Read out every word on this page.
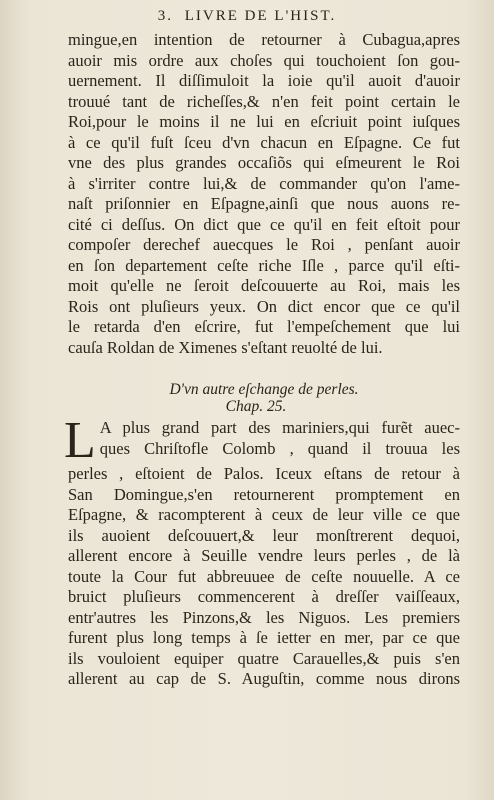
3. LIVRE DE L'HIST.
mingue,en intention de retourner à Cubagua,apres
auoir mis ordre aux choſes qui touchoient ſon gou-
uernement. Il diſſimuloit la ioie qu'il auoit d'auoir
trouué tant de richeſſes,& n'en feit point certain le
Roi,pour le moins il ne lui en eſcriuit point iuſques
à ce qu'il fuſt ſceu d'vn chacun en Eſpagne. Ce fut
vne des plus grandes occaſiõs qui eſmeurent le Roi
à s'irriter contre lui,& de commander qu'on l'ame-
naſt priſonnier en Eſpagne,ainſi que nous auons re-
cité ci deſſus. On dict que ce qu'il en feit eſtoit pour
compoſer derechef auecques le Roi , penſant auoir
en ſon departement ceſte riche Iſle , parce qu'il eſti-
moit qu'elle ne ſeroit deſcouuerte au Roi, mais les
Rois ont pluſieurs yeux. On dict encor que ce qu'il
le retarda d'en eſcrire, fut l'empeſchement que lui
cauſa Roldan de Ximenes s'eſtant reuolté de lui.
D'vn autre eſchange de perles.
Chap. 25.
L A plus grand part des mariniers,qui furẽt auec-
ques Chriſtofle Colomb , quand il trouua les
perles , eſtoient de Palos. Iceux eſtans de retour à
San Domingue,s'en retournerent promptement en
Eſpagne, & racompterent à ceux de leur ville ce que
ils auoient deſcouuert,& leur monſtrerent dequoi,
allerent encore à Seuille vendre leurs perles , de là
toute la Cour fut abbreuuee de ceſte nouuelle. A ce
bruict pluſieurs commencerent à dreſſer vaiſſeaux,
entr'autres les Pinzons,& les Niguos. Les premiers
furent plus long temps à ſe ietter en mer, par ce que
ils vouloient equiper quatre Carauelles,& puis s'en
allerent au cap de S. Auguſtin, comme nous dirons
